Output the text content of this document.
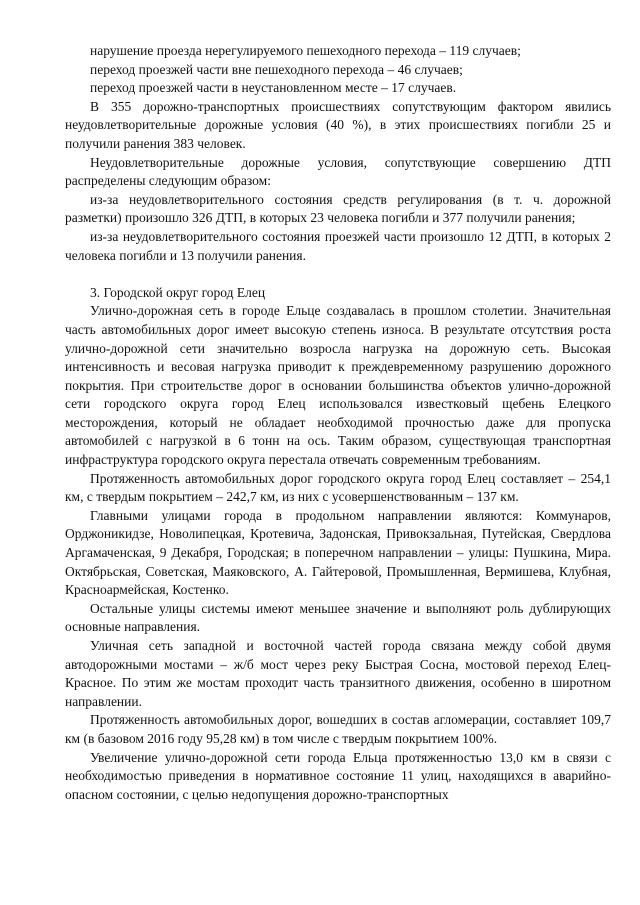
нарушение проезда нерегулируемого пешеходного перехода – 119 случаев;

переход проезжей части вне пешеходного перехода – 46 случаев;

переход проезжей части в неустановленном месте – 17 случаев.

В 355 дорожно-транспортных происшествиях сопутствующим фактором явились неудовлетворительные дорожные условия (40 %), в этих происшествиях погибли 25 и получили ранения 383 человек.

Неудовлетворительные дорожные условия, сопутствующие совершению ДТП распределены следующим образом:

из-за неудовлетворительного состояния средств регулирования (в т. ч. дорожной разметки) произошло 326 ДТП, в которых 23 человека погибли и 377 получили ранения;

из-за неудовлетворительного состояния проезжей части произошло 12 ДТП, в которых 2 человека погибли и 13 получили ранения.

3. Городской округ город Елец

Улично-дорожная сеть в городе Ельце создавалась в прошлом столетии. Значительная часть автомобильных дорог имеет высокую степень износа. В результате отсутствия роста улично-дорожной сети значительно возросла нагрузка на дорожную сеть. Высокая интенсивность и весовая нагрузка приводит к преждевременному разрушению дорожного покрытия. При строительстве дорог в основании большинства объектов улично-дорожной сети городского округа город Елец использовался известковый щебень Елецкого месторождения, который не обладает необходимой прочностью даже для пропуска автомобилей с нагрузкой в 6 тонн на ось. Таким образом, существующая транспортная инфраструктура городского округа перестала отвечать современным требованиям.

Протяженность автомобильных дорог городского округа город Елец составляет – 254,1 км, с твердым покрытием – 242,7 км, из них с усовершенствованным – 137 км.

Главными улицами города в продольном направлении являются: Коммунаров, Орджоникидзе, Новолипецкая, Кротевича, Задонская, Привокзальная, Путейская, Свердлова Аргамаченская, 9 Декабря, Городская; в поперечном направлении – улицы: Пушкина, Мира. Октябрьская, Советская, Маяковского, А. Гайтеровой, Промышленная, Вермишева, Клубная, Красноармейская, Костенко.

Остальные улицы системы имеют меньшее значение и выполняют роль дублирующих основные направления.

Уличная сеть западной и восточной частей города связана между собой двумя автодорожными мостами – ж/б мост через реку Быстрая Сосна, мостовой переход Елец-Красное. По этим же мостам проходит часть транзитного движения, особенно в широтном направлении.

Протяженность автомобильных дорог, вошедших в состав агломерации, составляет 109,7 км (в базовом 2016 году 95,28 км) в том числе с твердым покрытием 100%.

Увеличение улично-дорожной сети города Ельца протяженностью 13,0 км в связи с необходимостью приведения в нормативное состояние 11 улиц, находящихся в аварийно-опасном состоянии, с целью недопущения дорожно-транспортных
